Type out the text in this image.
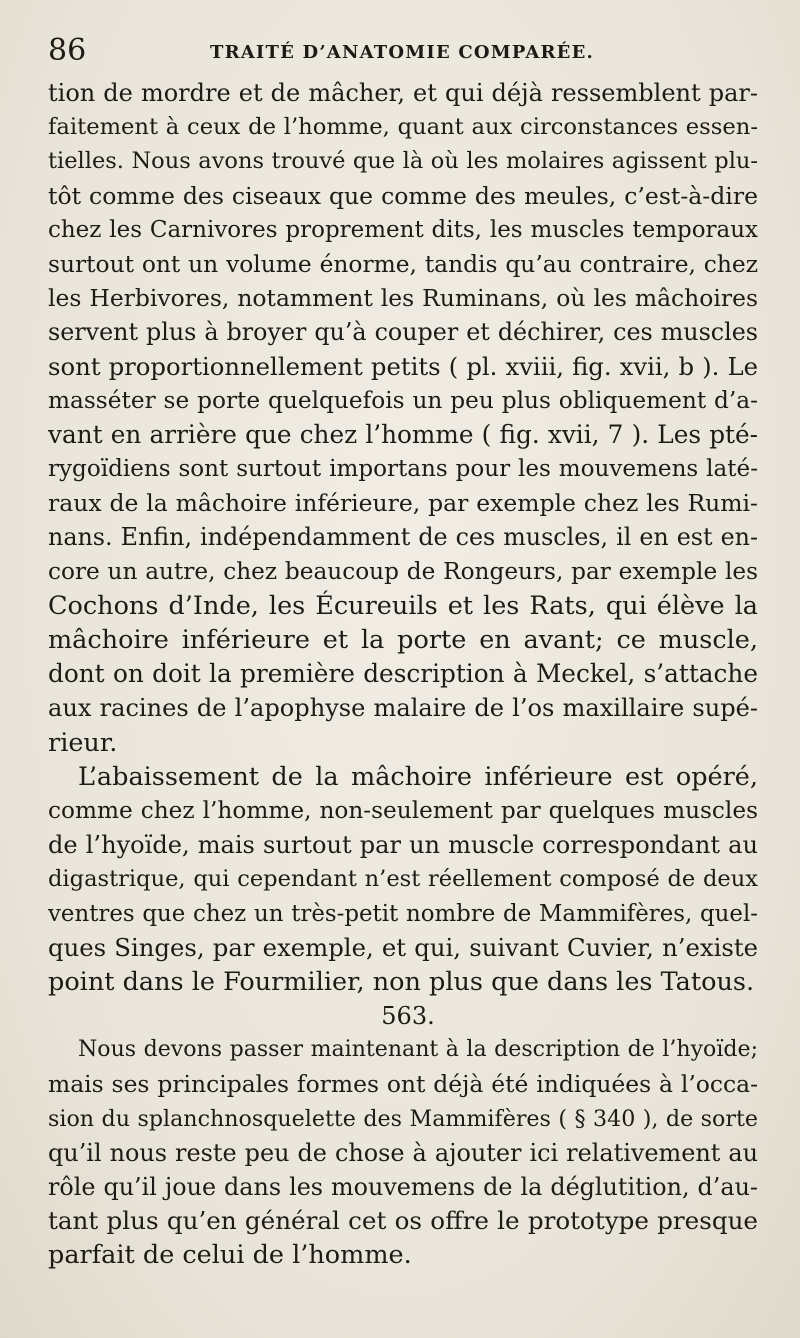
86	TRAITÉ D’ANATOMIE COMPARÉE.
tion de mordre et de mâcher, et qui déjà ressemblent par-
faitement à ceux de l’homme, quant aux circonstances essen-
tielles. Nous avons trouvé que là où les molaires agissent plu-
tôt comme des ciseaux que comme des meules, c’est-à-dire
chez les Carnivores proprement dits, les muscles temporaux
surtout ont un volume énorme, tandis qu’au contraire, chez
les Herbivores, notamment les Ruminans, où les mâchoires
servent plus à broyer qu’à couper et déchirer, ces muscles
sont proportionnellement petits ( pl. xviii, fig. xvii, b ). Le
masséter se porte quelquefois un peu plus obliquement d’a-
vant en arrière que chez l’homme ( fig. xvii, 7 ). Les pté-
rygoïdiens sont surtout importans pour les mouvemens laté-
raux de la mâchoire inférieure, par exemple chez les Rumi-
nans. Enfin, indépendamment de ces muscles, il en est en-
core un autre, chez beaucoup de Rongeurs, par exemple les
Cochons d’Inde, les Écureuils et les Rats, qui élève la
mâchoire inférieure et la porte en avant; ce muscle,
dont on doit la première description à Meckel, s’attache
aux racines de l’apophyse malaire de l’os maxillaire supé-
rieur.
L’abaissement de la mâchoire inférieure est opéré,
comme chez l’homme, non-seulement par quelques muscles
de l’hyoïde, mais surtout par un muscle correspondant au
digastrique, qui cependant n’est réellement composé de deux
ventres que chez un très-petit nombre de Mammifères, quel-
ques Singes, par exemple, et qui, suivant Cuvier, n’existe
point dans le Fourmilier, non plus que dans les Tatous.
563.
Nous devons passer maintenant à la description de l’hyoïde;
mais ses principales formes ont déjà été indiquées à l’occa-
sion du splanchnosquelette des Mammifères ( § 340 ), de sorte
qu’il nous reste peu de chose à ajouter ici relativement au
rôle qu’il joue dans les mouvemens de la déglutition, d’au-
tant plus qu’en général cet os offre le prototype presque
parfait de celui de l’homme.
